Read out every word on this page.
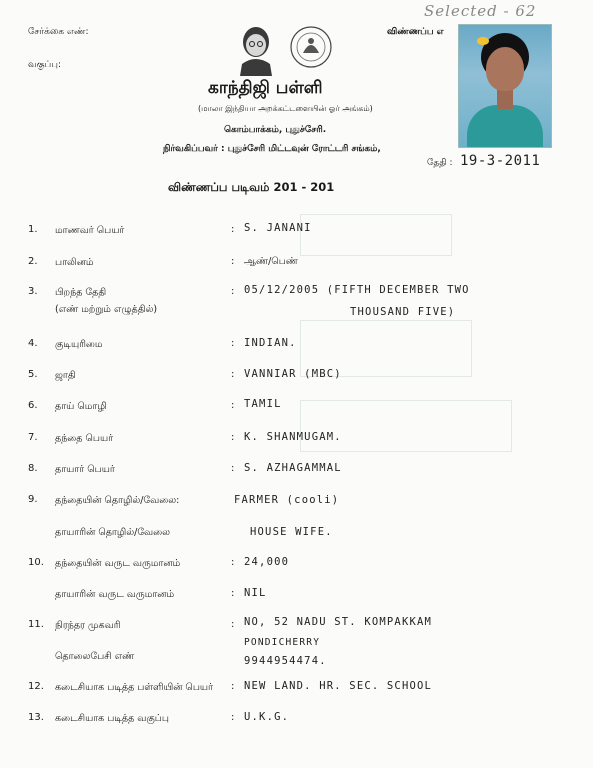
சேர்க்கை எண்:	விண்ணப்ப எ
வகுப்பு:
Selected - 62
காந்திஜி பள்ளி
(மாலா இந்தியா அறக்கட்டளையின் ஓர் அங்கம்)
கொம்பாக்கம், புதுச்சேரி.
நிர்வகிப்பவர் : புதுச்சேரி மிட்டவுன் ரோட்டரி சங்கம்,
தேதி : 19-3-2011
விண்ணப்ப படிவம் 201 - 201
1. மாணவர் பெயர்	: S. JANANI
2. பாலினம்	: ஆண்/பெண்
3. பிறந்த தேதி
(எண் மற்றும் எழுத்தில்)
: 05/12/2005 (FIFTH DECEMBER TWO
THOUSAND FIVE)
4. குடியுரிமை	: INDIAN.
5. ஜாதி	: VANNIAR (MBC)
6. தாய் மொழி	: TAMIL
7. தந்தை பெயர்	: K. SHANMUGAM.
8. தாயார் பெயர்	: S. AZHAGAMMAL
9. தந்தையின் தொழில்/வேலை:	FARMER (cooli)
தாயாரின் தொழில்/வேலை	HOUSE WIFE.
10. தந்தையின் வருட வருமானம்	: 24,000
தாயாரின் வருட வருமானம்	: NIL
11. நிரந்தர முகவரி	: NO, 52 NADU ST. KOMPAKKAM
PONDICHERRY
தொலைபேசி எண்	9944954474.
12. கடைசியாக படித்த பள்ளியின் பெயர் : NEW LAND. HR. SEC. SCHOOL
13. கடைசியாக படித்த வகுப்பு	: U.K.G.
